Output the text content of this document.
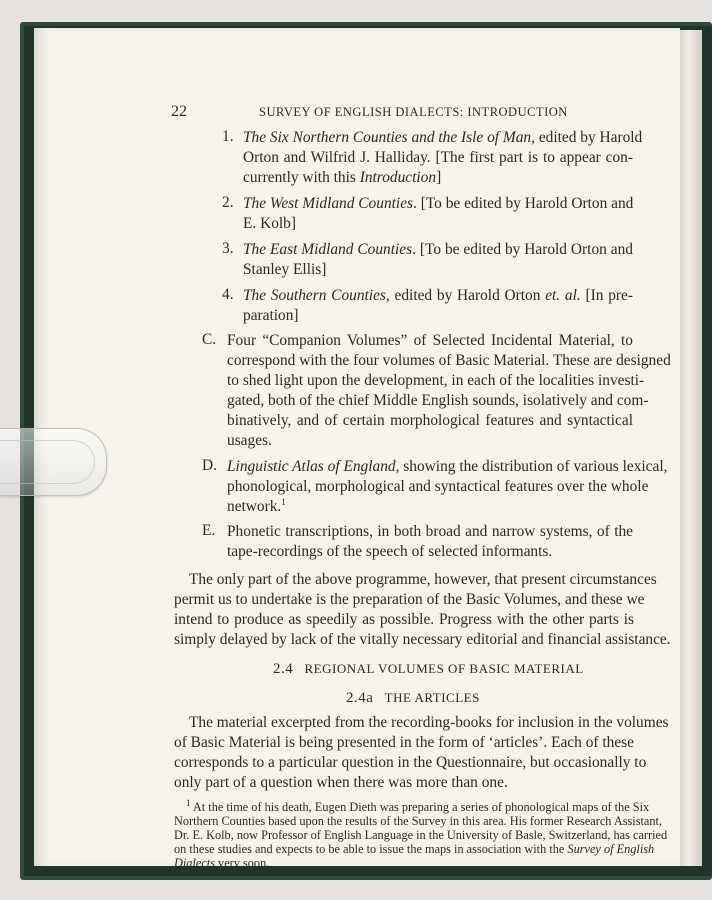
22	SURVEY OF ENGLISH DIALECTS: INTRODUCTION
1. The Six Northern Counties and the Isle of Man, edited by Harold
Orton and Wilfrid J. Halliday. [The first part is to appear con-
currently with this Introduction]
2. The West Midland Counties. [To be edited by Harold Orton and
E. Kolb]
3. The East Midland Counties. [To be edited by Harold Orton and
Stanley Ellis]
4. The Southern Counties, edited by Harold Orton et. al. [In pre-
paration]
C. Four “Companion Volumes” of Selected Incidental Material, to
correspond with the four volumes of Basic Material. These are designed
to shed light upon the development, in each of the localities investi-
gated, both of the chief Middle English sounds, isolatively and com-
binatively, and of certain morphological features and syntactical
usages.
D. Linguistic Atlas of England, showing the distribution of various lexical,
phonological, morphological and syntactical features over the whole
network.$^1$
E. Phonetic transcriptions, in both broad and narrow systems, of the
tape-recordings of the speech of selected informants.
The only part of the above programme, however, that present circumstances
permit us to undertake is the preparation of the Basic Volumes, and these we
intend to produce as speedily as possible. Progress with the other parts is
simply delayed by lack of the vitally necessary editorial and financial assistance.
2.4 REGIONAL VOLUMES OF BASIC MATERIAL
2.4a THE ARTICLES
The material excerpted from the recording-books for inclusion in the volumes
of Basic Material is being presented in the form of ‘articles’. Each of these
corresponds to a particular question in the Questionnaire, but occasionally to
only part of a question when there was more than one.
$^1$ At the time of his death, Eugen Dieth was preparing a series of phonological maps of the Six
Northern Counties based upon the results of the Survey in this area. His former Research Assistant,
Dr. E. Kolb, now Professor of English Language in the University of Basle, Switzerland, has carried
on these studies and expects to be able to issue the maps in association with the Survey of English
Dialects very soon.
